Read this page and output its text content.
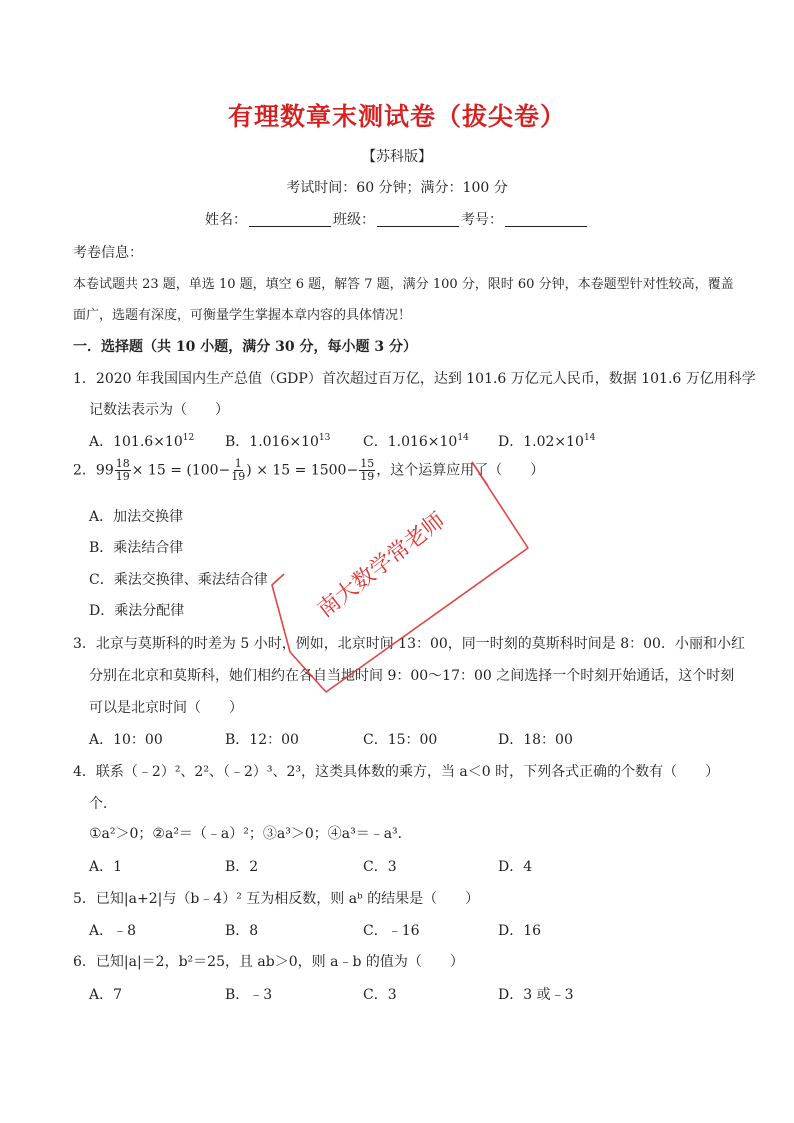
有理数章末测试卷（拔尖卷）
【苏科版】
考试时间：60 分钟；满分：100 分
姓名：	班级：	考号：
考卷信息：
本卷试题共 23 题，单选 10 题，填空 6 题，解答 7 题，满分 100 分，限时 60 分钟，本卷题型针对性较高，覆盖
面广，选题有深度，可衡量学生掌握本章内容的具体情况！
一．选择题（共 10 小题，满分 30 分，每小题 3 分）
1．2020 年我国国内生产总值（GDP）首次超过百万亿，达到 101.6 万亿元人民币，数据 101.6 万亿用科学
记数法表示为（　　）
A．$101.6\times 10^{12}$ B．$1.016\times 10^{13}$ C．$1.016\times 10^{14}$ D．$1.02\times 10^{14}$
2．$99 \frac{18}{19} \times 15 = (100- \frac{1}{19}$ ) × $15 = 1500- \frac{15}{19}$ ，这个运算应用了（　　）
A．加法交换律
B．乘法结合律
C．乘法交换律、乘法结合律
D．乘法分配律
3．北京与莫斯科的时差为 5 小时，例如，北京时间 13：00，同一时刻的莫斯科时间是 8：00．小丽和小红
分别在北京和莫斯科，她们相约在各自当地时间 9：00～17：00 之间选择一个时刻开始通话，这个时刻
可以是北京时间（　　）
A．10：00	B．12：00	C．15：00	D．18：00
4．联系（﹣2）²、2²、（﹣2）³、2³，这类具体数的乘方，当 a＜0 时，下列各式正确的个数有（　　）
个．
①a²＞0；②a²＝（﹣a）²；③a³＞0；④a³＝﹣a³．
A．1	B．2	C．3	D．4
5．已知|a+2|与（b﹣4）² 互为相反数，则 aᵇ 的结果是（　　）
A．﹣8	B．8	C．﹣16	D．16
6．已知|a|＝2，b²＝25，且 ab＞0，则 a﹣b 的值为（　　）
A．7	B．﹣3	C．3	D．3 或﹣3
南大数学常老师
